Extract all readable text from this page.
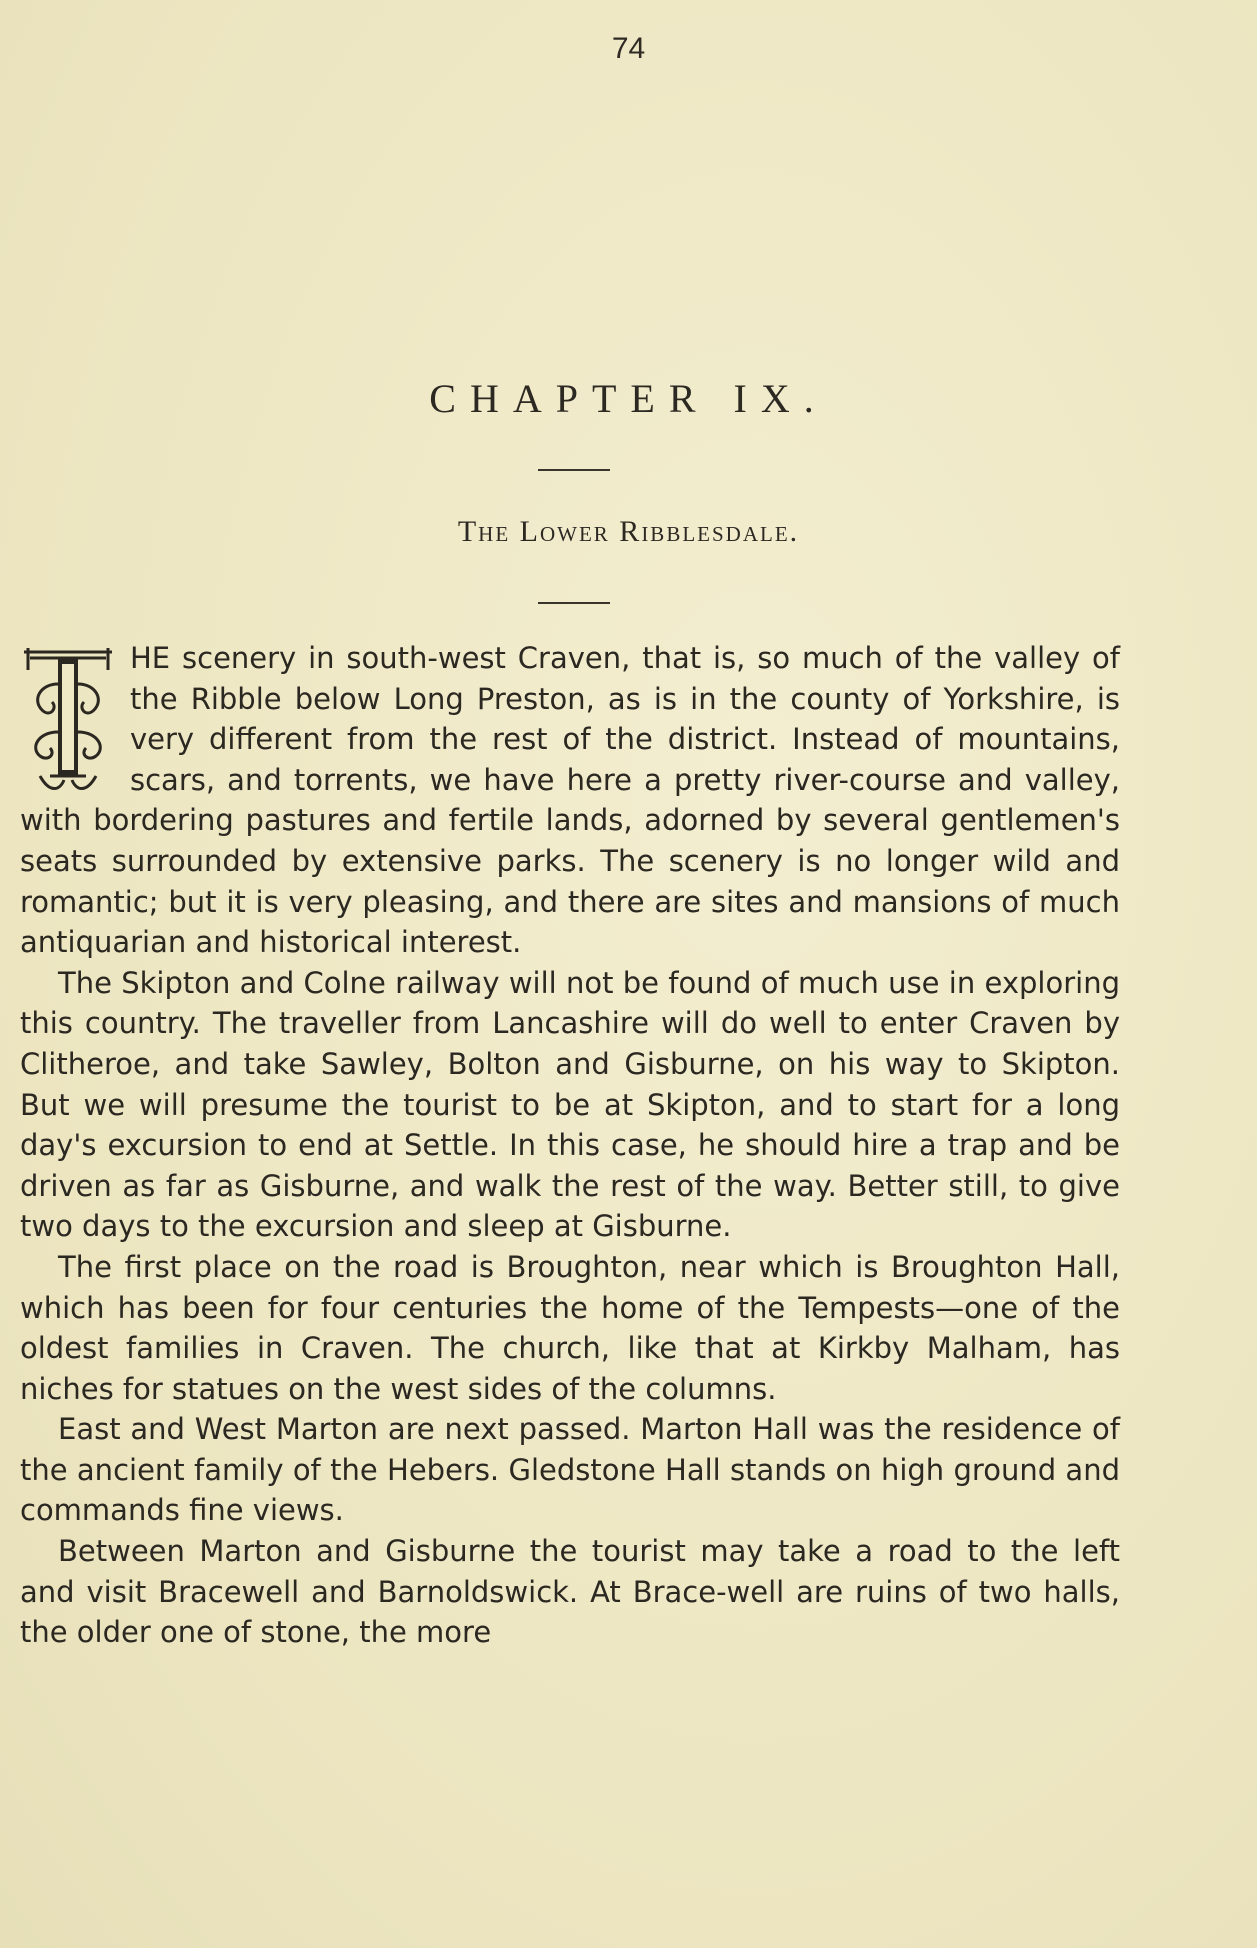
74
CHAPTER IX.
The Lower Ribblesdale.

HE scenery in south-west Craven, that is, so much of the valley of the Ribble below Long Preston, as is in the county of Yorkshire, is very different from the rest of the district. Instead of mountains, scars, and torrents, we have here a pretty river-course and valley, with bordering pastures and fertile lands, adorned by several gentlemen's seats surrounded by extensive parks. The scenery is no longer wild and romantic; but it is very pleasing, and there are sites and mansions of much antiquarian and historical interest.

The Skipton and Colne railway will not be found of much use in exploring this country. The traveller from Lancashire will do well to enter Craven by Clitheroe, and take Sawley, Bolton and Gisburne, on his way to Skipton. But we will presume the tourist to be at Skipton, and to start for a long day's excursion to end at Settle. In this case, he should hire a trap and be driven as far as Gisburne, and walk the rest of the way. Better still, to give two days to the excursion and sleep at Gisburne.

The first place on the road is Broughton, near which is Broughton Hall, which has been for four centuries the home of the Tempests—one of the oldest families in Craven. The church, like that at Kirkby Malham, has niches for statues on the west sides of the columns.

East and West Marton are next passed. Marton Hall was the residence of the ancient family of the Hebers. Gledstone Hall stands on high ground and commands fine views.

Between Marton and Gisburne the tourist may take a road to the left and visit Bracewell and Barnoldswick. At Brace-well are ruins of two halls, the older one of stone, the more
